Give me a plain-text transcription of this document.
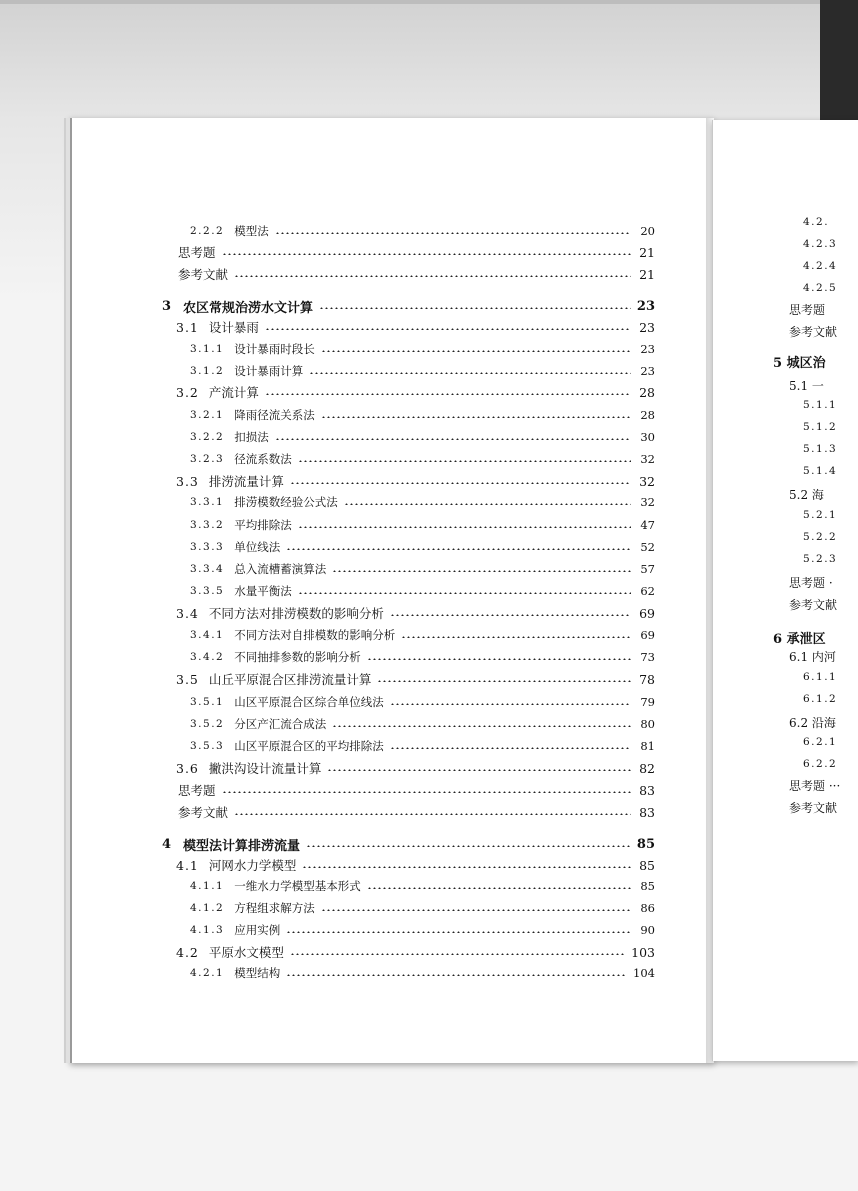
2.2.2 模型法	20
思考题	21
参考文献	21
3 农区常规治涝水文计算	23
3.1 设计暴雨	23
3.1.1 设计暴雨时段长	23
3.1.2 设计暴雨计算	23
3.2 产流计算	28
3.2.1 降雨径流关系法	28
3.2.2 扣损法	30
3.2.3 径流系数法	32
3.3 排涝流量计算	32
3.3.1 排涝模数经验公式法	32
3.3.2 平均排除法	47
3.3.3 单位线法	52
3.3.4 总入流槽蓄演算法	57
3.3.5 水量平衡法	62
3.4 不同方法对排涝模数的影响分析	69
3.4.1 不同方法对自排模数的影响分析	69
3.4.2 不同抽排参数的影响分析	73
3.5 山丘平原混合区排涝流量计算	78
3.5.1 山区平原混合区综合单位线法	79
3.5.2 分区产汇流合成法	80
3.5.3 山区平原混合区的平均排除法	81
3.6 撇洪沟设计流量计算	82
思考题	83
参考文献	83
4 模型法计算排涝流量	85
4.1 河网水力学模型	85
4.1.1 一维水力学模型基本形式	85
4.1.2 方程组求解方法	86
4.1.3 应用实例	90
4.2 平原水文模型	103
4.2.1 模型结构	104
4.2.
4.2.3
4.2.4
4.2.5
思考题
参考文献
5 城区治
5.1 一
5.1.1
5.1.2
5.1.3
5.1.4
5.2 海
5.2.1
5.2.2
5.2.3
思考题 ·
参考文献
6 承泄区
6.1 内河
6.1.1
6.1.2
6.2 沿海
6.2.1
6.2.2
思考题 ···
参考文献
